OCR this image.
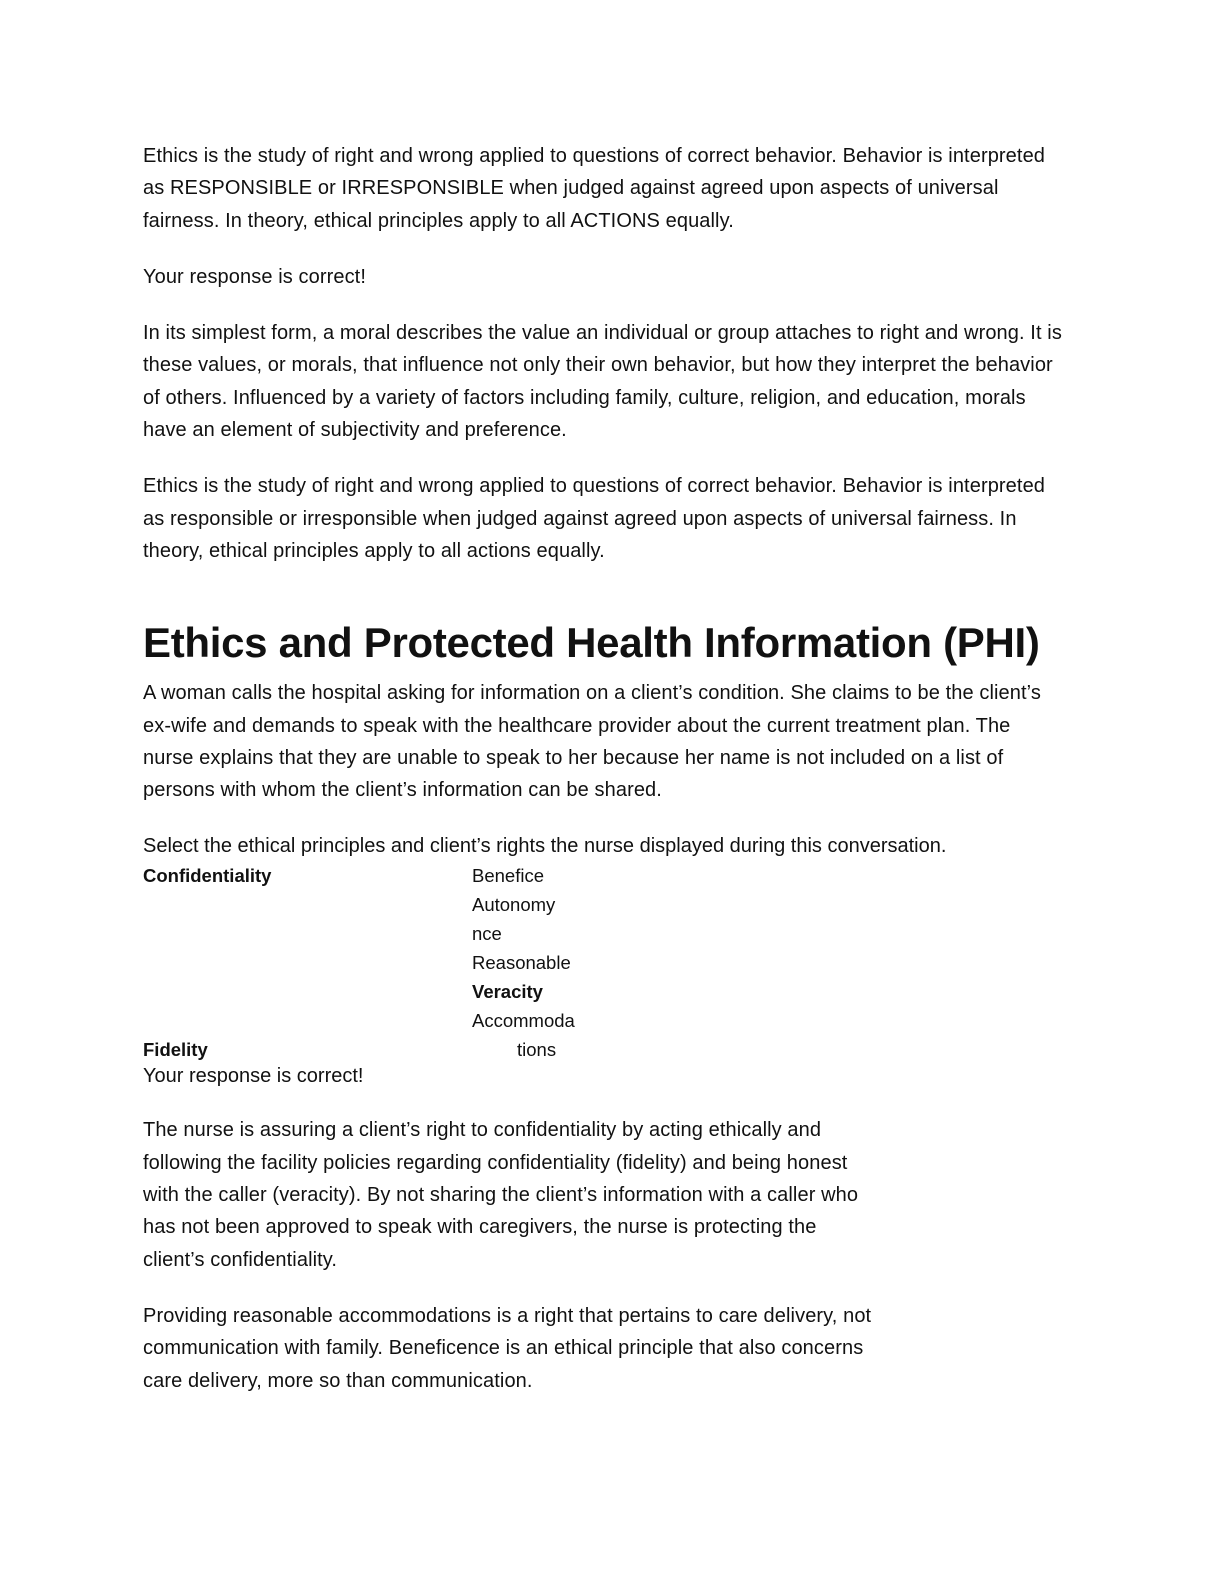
Ethics is the study of right and wrong applied to questions of correct behavior. Behavior is interpreted as RESPONSIBLE or IRRESPONSIBLE when judged against agreed upon aspects of universal fairness. In theory, ethical principles apply to all ACTIONS equally.

Your response is correct!

In its simplest form, a moral describes the value an individual or group attaches to right and wrong. It is these values, or morals, that influence not only their own behavior, but how they interpret the behavior of others. Influenced by a variety of factors including family, culture, religion, and education, morals have an element of subjectivity and preference.

Ethics is the study of right and wrong applied to questions of correct behavior. Behavior is interpreted as responsible or irresponsible when judged against agreed upon aspects of universal fairness. In theory, ethical principles apply to all actions equally.

Ethics and Protected Health Information (PHI)

A woman calls the hospital asking for information on a client’s condition. She claims to be the client’s ex-wife and demands to speak with the healthcare provider about the current treatment plan. The nurse explains that they are unable to speak to her because her name is not included on a list of persons with whom the client’s information can be shared.

Select the ethical principles and client’s rights the nurse displayed during this conversation.

Confidentiality	Benefice
Autonomy
nce
Reasonable
Veracity
Accommoda
Fidelity	tions

Your response is correct!

The nurse is assuring a client’s right to confidentiality by acting ethically and following the facility policies regarding confidentiality (fidelity) and being honest with the caller (veracity). By not sharing the client’s information with a caller who has not been approved to speak with caregivers, the nurse is protecting the client’s confidentiality.

Providing reasonable accommodations is a right that pertains to care delivery, not communication with family. Beneficence is an ethical principle that also concerns care delivery, more so than communication.
